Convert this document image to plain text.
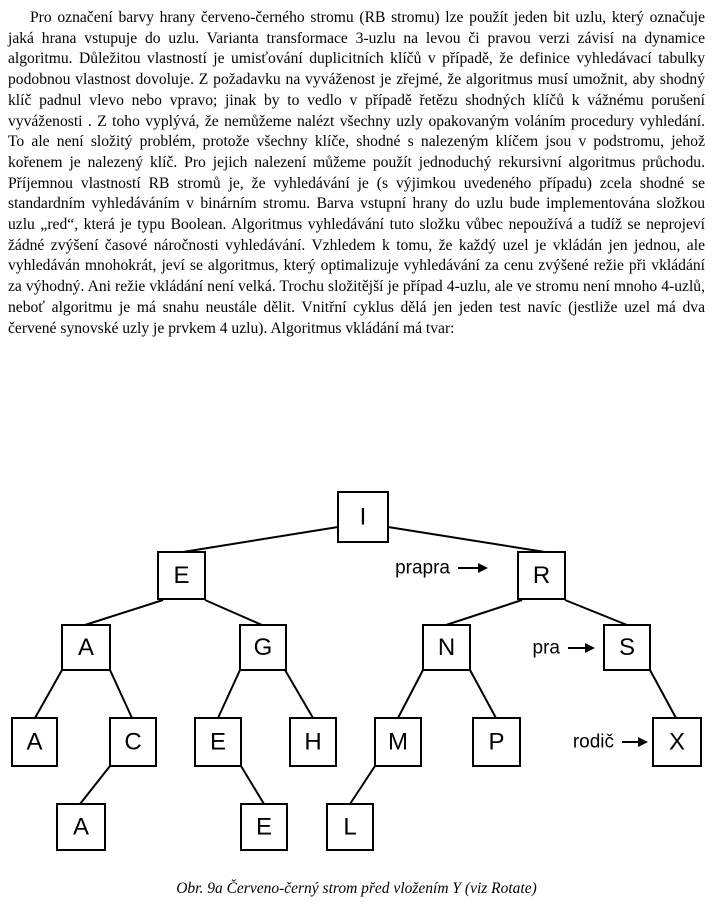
Pro označení barvy hrany červeno-černého stromu (RB stromu) lze použít jeden bit uzlu, který označuje jaká hrana vstupuje do uzlu. Varianta transformace 3-uzlu na levou či pravou verzi závisí na dynamice algoritmu. Důležitou vlastností je umisťování duplicitních klíčů v případě, že definice vyhledávací tabulky podobnou vlastnost dovoluje. Z požadavku na vyváženost je zřejmé, že algoritmus musí umožnit, aby shodný klíč padnul vlevo nebo vpravo; jinak by to vedlo v případě řetězu shodných klíčů k vážnému porušení vyváženosti . Z toho vyplývá, že nemůžeme nalézt všechny uzly opakovaným voláním procedury vyhledání. To ale není složitý problém, protože všechny klíče, shodné s nalezeným klíčem jsou v podstromu, jehož kořenem je nalezený klíč. Pro jejich nalezení můžeme použít jednoduchý rekursivní algoritmus průchodu. Příjemnou vlastností RB stromů je, že vyhledávání je (s výjimkou uvedeného případu) zcela shodné se standardním vyhledáváním v binárním stromu. Barva vstupní hrany do uzlu bude implementována složkou uzlu „red“, která je typu Boolean. Algoritmus vyhledávání tuto složku vůbec nepoužívá a tudíž se neprojeví žádné zvýšení časové náročnosti vyhledávání. Vzhledem k tomu, že každý uzel je vkládán jen jednou, ale vyhledáván mnohokrát, jeví se algoritmus, který optimalizuje vyhledávání za cenu zvýšené režie při vkládání za výhodný. Ani režie vkládání není velká. Trochu složitější je případ 4-uzlu, ale ve stromu není mnoho 4-uzlů, neboť algoritmu je má snahu neustále dělit. Vnitřní cyklus dělá jen jeden test navíc (jestliže uzel má dva červené synovské uzly je prvkem 4 uzlu). Algoritmus vkládání má tvar:

I
E	R
A	G	N	S
A	C	E	H	M	P	X
A	E	L
prapra
pra
rodič
Obr. 9a Červeno-černý strom před vložením Y (viz Rotate)
